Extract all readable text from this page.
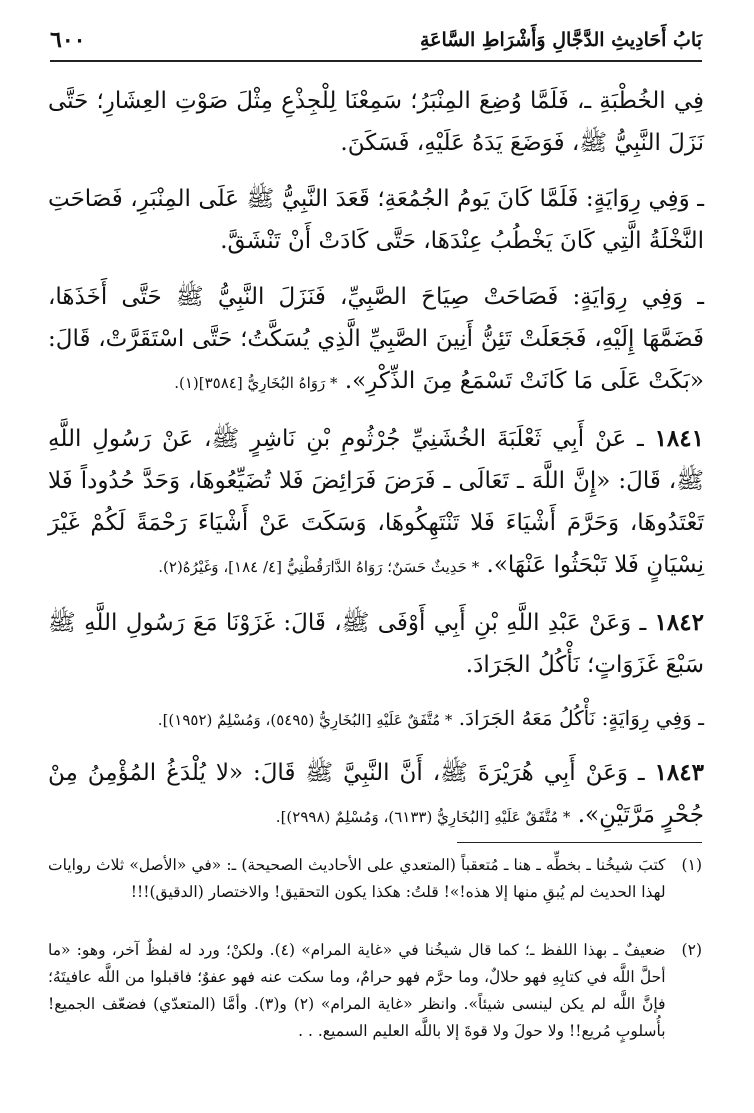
بَابُ أَحَادِيثِ الدَّجَّالِ وَأَشْرَاطِ السَّاعَةِ
٦٠٠

فِي الخُطْبَةِ ـ، فَلَمَّا وُضِعَ المِنْبَرُ؛ سَمِعْنَا لِلْجِذْعِ مِثْلَ صَوْتِ العِشَارِ؛ حَتَّى نَزَلَ النَّبِيُّ ﷺ، فَوَضَعَ يَدَهُ عَلَيْهِ، فَسَكَنَ.

ـ وَفِي رِوَايَةٍ: فَلَمَّا كَانَ يَومُ الجُمُعَةِ؛ قَعَدَ النَّبِيُّ ﷺ عَلَى المِنْبَرِ، فَصَاحَتِ النَّخْلَةُ الَّتِي كَانَ يَخْطُبُ عِنْدَهَا، حَتَّى كَادَتْ أَنْ تَنْشَقَّ.

ـ وَفِي رِوَايَةٍ: فَصَاحَتْ صِيَاحَ الصَّبِيِّ، فَنَزَلَ النَّبِيُّ ﷺ حَتَّى أَخَذَهَا، فَضَمَّهَا إِلَيْهِ، فَجَعَلَتْ تَئِنُّ أَنِينَ الصَّبِيِّ الَّذِي يُسَكَّتُ؛ حَتَّى اسْتَقَرَّتْ، قَالَ: «بَكَتْ عَلَى مَا كَانَتْ تَسْمَعُ مِنَ الذِّكْرِ». * رَوَاهُ البُخَارِيُّ [٣٥٨٤](١).

١٨٤١ ـ عَنْ أَبِي ثَعْلَبَةَ الخُشَنِيِّ جُرْثُومِ بْنِ نَاشِرٍ ﷺ، عَنْ رَسُولِ اللَّهِ ﷺ، قَالَ: «إِنَّ اللَّهَ ـ تَعَالَى ـ فَرَضَ فَرَائِضَ فَلا تُضَيِّعُوهَا، وَحَدَّ حُدُوداً فَلا تَعْتَدُوهَا، وَحَرَّمَ أَشْيَاءَ فَلا تَنْتَهِكُوهَا، وَسَكَتَ عَنْ أَشْيَاءَ رَحْمَةً لَكُمْ غَيْرَ نِسْيَانٍ فَلا تَبْحَثُوا عَنْهَا». * حَدِيثٌ حَسَنٌ؛ رَوَاهُ الدَّارَقُطْنِيُّ [٤/ ١٨٤]، وَغَيْرُهُ(٢).

١٨٤٢ ـ وَعَنْ عَبْدِ اللَّهِ بْنِ أَبِي أَوْفَى ﷺ، قَالَ: غَزَوْنَا مَعَ رَسُولِ اللَّهِ ﷺ سَبْعَ غَزَوَاتٍ؛ نَأْكُلُ الجَرَادَ.

ـ وَفِي رِوَايَةٍ: نَأْكُلُ مَعَهُ الجَرَادَ. * مُتَّفَقٌ عَلَيْهِ [البُخَارِيُّ (٥٤٩٥)، وَمُسْلِمٌ (١٩٥٢)].

١٨٤٣ ـ وَعَنْ أَبِي هُرَيْرَةَ ﷺ، أَنَّ النَّبِيَّ ﷺ قَالَ: «لا يُلْدَغُ المُؤْمِنُ مِنْ جُحْرٍ مَرَّتَيْنِ». * مُتَّفَقٌ عَلَيْهِ [البُخَارِيُّ (٦١٣٣)، وَمُسْلِمٌ (٢٩٩٨)].

(١)
كتبَ شيخُنا ـ بخطِّه ـ هنا ـ مُتعقباً (المتعدي على الأحاديث الصحيحة) ـ: «في «الأصل» ثلاث روايات لهذا الحديث لم يُبقِ منها إلا هذه!»! قلتُ: هكذا يكون التحقيق! والاختصار (الدقيق)!!!
(٢)
ضعيفٌ ـ بهذا اللفظ ـ؛ كما قال شيخُنا في «غاية المرام» (٤). ولكنْ؛ ورد له لفظٌ آخر، وهو: «ما أحلَّ اللَّه في كتابِهِ فهو حلالٌ، وما حرَّم فهو حرامٌ، وما سكت عنه فهو عفوٌ؛ فاقبلوا من اللَّه عافيتَهُ؛ فإنَّ اللَّه لم يكن لينسى شيئاً». وانظر «غاية المرام» (٢) و(٣). وأمَّا (المتعدّي) فضعّف الجميع! بأُسلوبٍ مُريع!! ولا حولَ ولا قوةَ إلا باللَّه العليم السميع. . .
